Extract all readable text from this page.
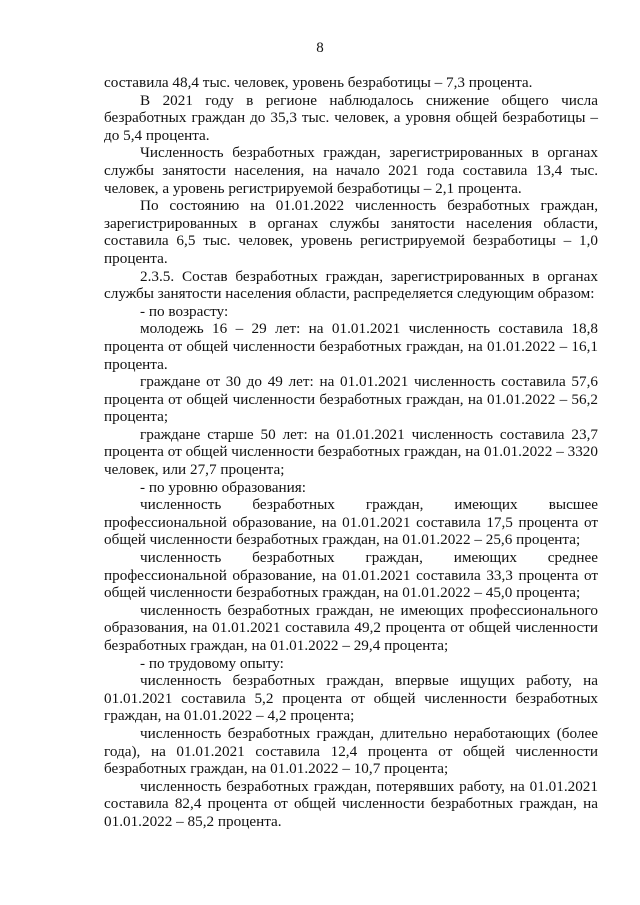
8

составила 48,4 тыс. человек, уровень безработицы – 7,3 процента.

В 2021 году в регионе наблюдалось снижение общего числа безработных граждан до 35,3 тыс. человек, а уровня общей безработицы – до 5,4 процента.

Численность безработных граждан, зарегистрированных в органах службы занятости населения, на начало 2021 года составила 13,4 тыс. человек, а уровень регистрируемой безработицы – 2,1 процента.

По состоянию на 01.01.2022 численность безработных граждан, зарегистрированных в органах службы занятости населения области, составила 6,5 тыс. человек, уровень регистрируемой безработицы – 1,0 процента.

2.3.5. Состав безработных граждан, зарегистрированных в органах службы занятости населения области, распределяется следующим образом:

- по возрасту:

молодежь 16 – 29 лет: на 01.01.2021 численность составила 18,8 процента от общей численности безработных граждан, на 01.01.2022 – 16,1 процента.

граждане от 30 до 49 лет: на 01.01.2021 численность составила 57,6 процента от общей численности безработных граждан, на 01.01.2022 – 56,2 процента;

граждане старше 50 лет: на 01.01.2021 численность составила 23,7 процента от общей численности безработных граждан, на 01.01.2022 – 3320 человек, или 27,7 процента;

- по уровню образования:

численность безработных граждан, имеющих высшее профессиональной образование, на 01.01.2021 составила 17,5 процента от общей численности безработных граждан, на 01.01.2022 – 25,6 процента;

численность безработных граждан, имеющих среднее профессиональной образование, на 01.01.2021 составила 33,3 процента от общей численности безработных граждан, на 01.01.2022 – 45,0 процента;

численность безработных граждан, не имеющих профессионального образования, на 01.01.2021 составила 49,2 процента от общей численности безработных граждан, на 01.01.2022 – 29,4 процента;

- по трудовому опыту:

численность безработных граждан, впервые ищущих работу, на 01.01.2021 составила 5,2 процента от общей численности безработных граждан, на 01.01.2022 – 4,2 процента;

численность безработных граждан, длительно неработающих (более года), на 01.01.2021 составила 12,4 процента от общей численности безработных граждан, на 01.01.2022 – 10,7 процента;

численность безработных граждан, потерявших работу, на 01.01.2021 составила 82,4 процента от общей численности безработных граждан, на 01.01.2022 – 85,2 процента.
